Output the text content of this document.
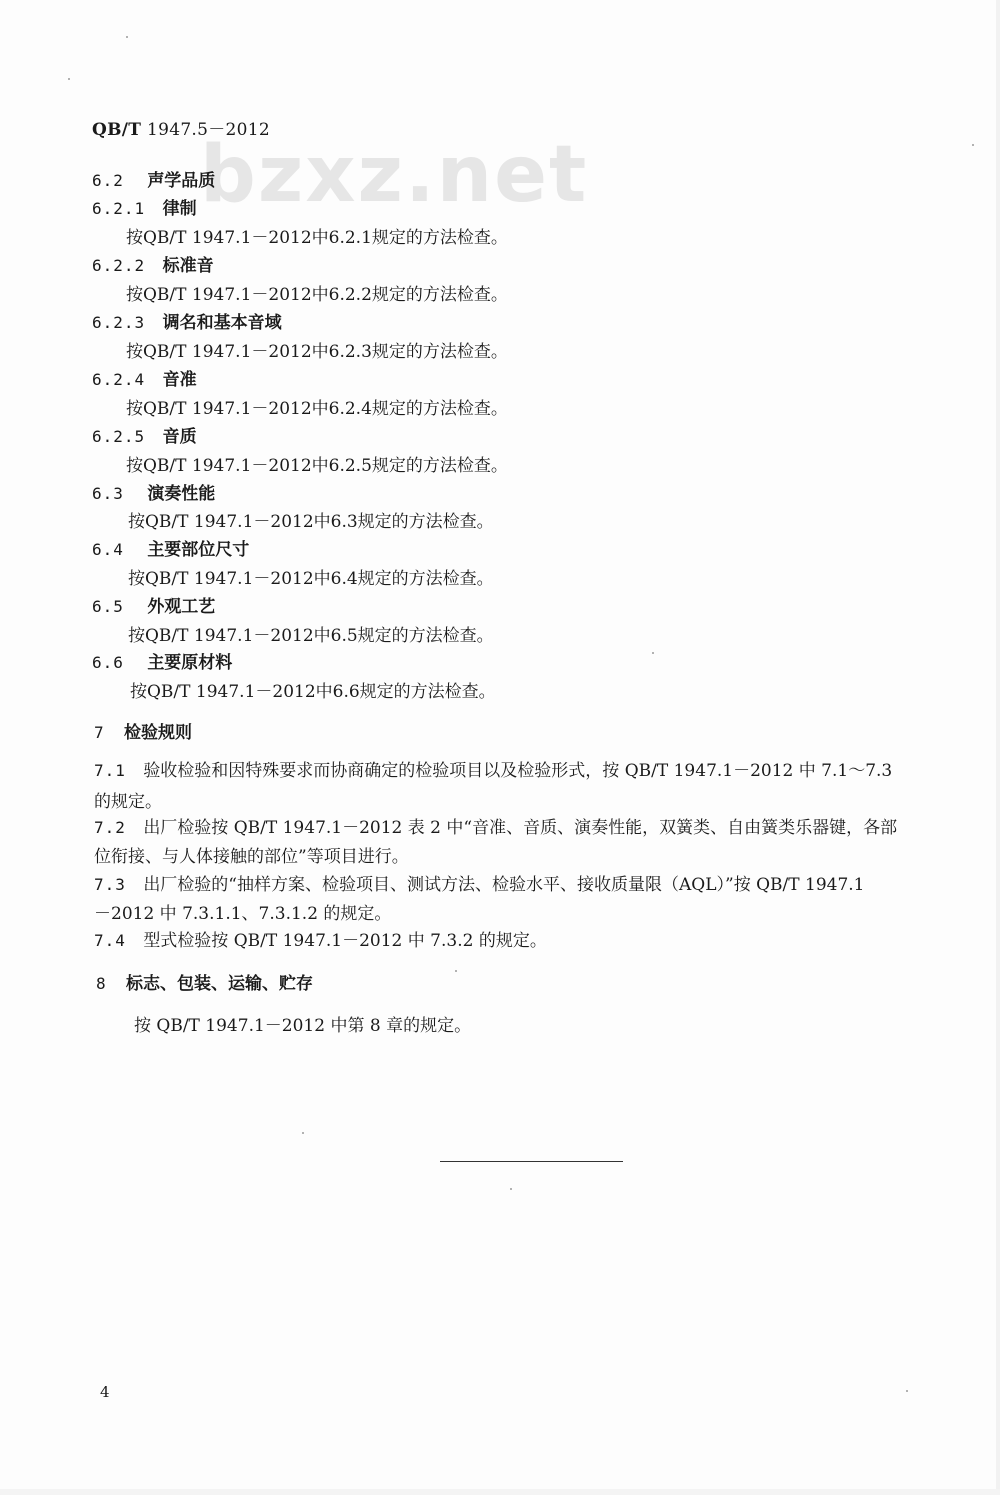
bzxz.net
QB/T 1947.5－2012
6.2 声学品质
6.2.1 律制
按QB/T 1947.1－2012中6.2.1规定的方法检查。
6.2.2 标准音
按QB/T 1947.1－2012中6.2.2规定的方法检查。
6.2.3 调名和基本音域
按QB/T 1947.1－2012中6.2.3规定的方法检查。
6.2.4 音准
按QB/T 1947.1－2012中6.2.4规定的方法检查。
6.2.5 音质
按QB/T 1947.1－2012中6.2.5规定的方法检查。
6.3 演奏性能
按QB/T 1947.1－2012中6.3规定的方法检查。
6.4 主要部位尺寸
按QB/T 1947.1－2012中6.4规定的方法检查。
6.5 外观工艺
按QB/T 1947.1－2012中6.5规定的方法检查。
6.6 主要原材料
按QB/T 1947.1－2012中6.6规定的方法检查。
7 检验规则
7.1 验收检验和因特殊要求而协商确定的检验项目以及检验形式，按 QB/T 1947.1－2012 中 7.1～7.3
的规定。
7.2 出厂检验按 QB/T 1947.1－2012 表 2 中“音准、音质、演奏性能，双簧类、自由簧类乐器键，各部
位衔接、与人体接触的部位”等项目进行。
7.3 出厂检验的“抽样方案、检验项目、测试方法、检验水平、接收质量限（AQL）”按 QB/T 1947.1
－2012 中 7.3.1.1、7.3.1.2 的规定。
7.4 型式检验按 QB/T 1947.1－2012 中 7.3.2 的规定。
8 标志、包装、运输、贮存
按 QB/T 1947.1－2012 中第 8 章的规定。
4
